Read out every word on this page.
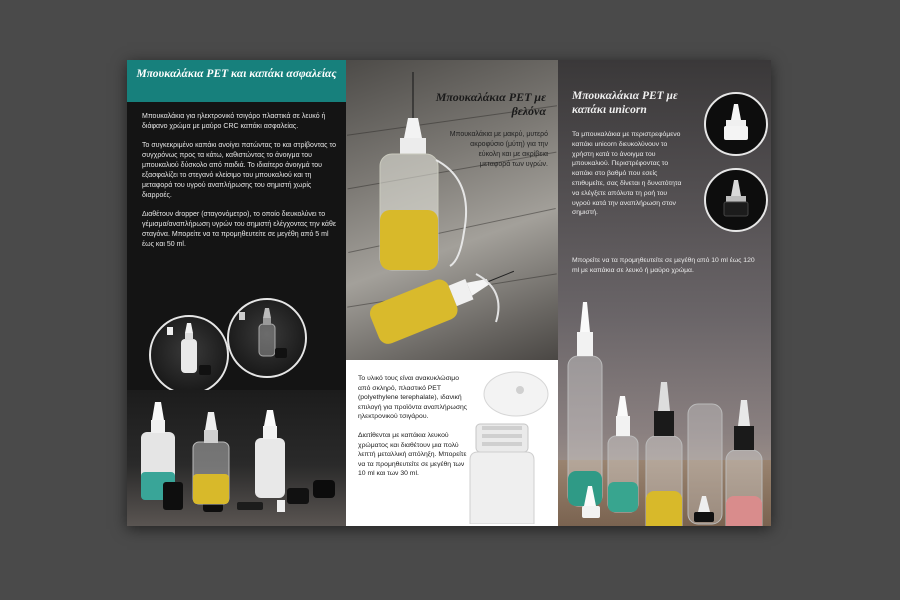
Μπουκαλάκια PET και καπάκι ασφαλείας

Μπουκαλάκια για ηλεκτρονικό τσιγάρο πλαστικά σε λευκό ή διάφανο χρώμα με μαύρο CRC καπάκι ασφαλείας.

Το συγκεκριμένο καπάκι ανοίγει πατώντας το και στρίβοντας το συγχρόνως προς τα κάτω, καθιστώντας το άνοιγμα του μπουκαλιού δύσκολο από παιδιά. Το ιδιαίτερο άνοιγμά του εξασφαλίζει το στεγανό κλείσιμο του μπουκαλιού και τη μεταφορά του υγρού αναπλήρωσης του σημιστή χωρίς διαρροές.

Διαθέτουν dropper (σταγονόμετρο), το οποίο διευκολύνει το γέμισμα/αναπλήρωση υγρών του σημιστή ελέγχοντας την κάθε σταγόνα. Μπορείτε να τα προμηθευτείτε σε μεγέθη από 5 ml έως και 50 ml.

Μπουκαλάκια PET με βελόνα
Μπουκαλάκια με μακρύ, μυτερό ακροφύσιο (μύτη) για την εύκολη και με ακρίβεια μεταφορά των υγρών.

Το υλικό τους είναι ανακυκλώσιμο από σκληρό, πλαστικό PET (polyethylene terephalate), ιδανική επιλογή για προϊόντα αναπλήρωσης ηλεκτρονικού τσιγάρου.

Διατίθενται με καπάκια λευκού χρώματος και διαθέτουν μια πολύ λεπτή μεταλλική απόληξη. Μπορείτε να τα προμηθευτείτε σε μεγέθη των 10 ml και των 30 ml.

Μπουκαλάκια PET με καπάκι unicorn

Τα μπουκαλάκια με περιστρεφόμενο καπάκι unicorn διευκολύνουν το χρήστη κατά το άνοιγμα του μπουκαλιού. Περιστρέφοντας το καπάκι στο βαθμό που εσείς επιθυμείτε, σας δίνεται η δυνατότητα να ελέγξετε απόλυτα τη ροή του υγρού κατά την αναπλήρωση στον σημιστή.

Μπορείτε να τα προμηθευτείτε σε μεγέθη από 10 ml έως 120 ml με καπάκια σε λευκό ή μαύρο χρώμα.
